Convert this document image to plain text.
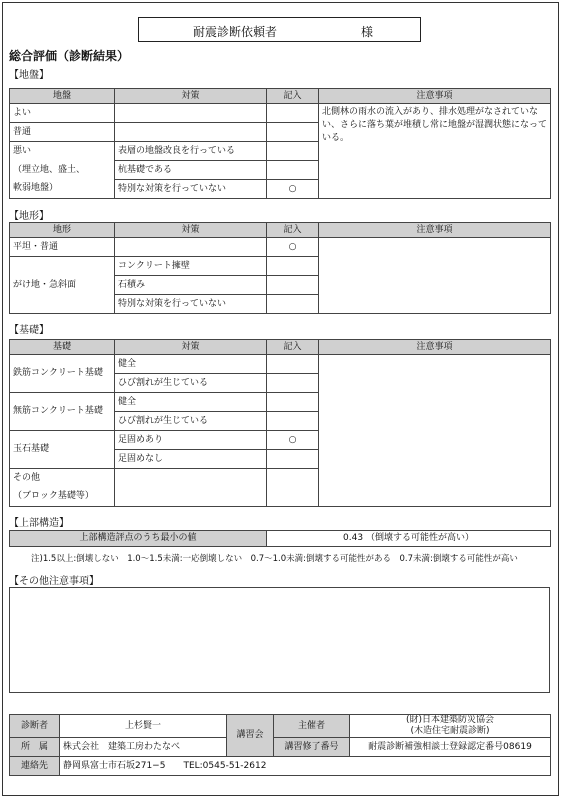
耐震診断依頼者	様
総合評価（診断結果）
【地盤】
地盤	対策	記入	注意事項
よい			北側林の雨水の流入があり、排水処理がなされていない、さらに落ち葉が堆積し常に地盤が湿潤状態になっている。
普通			
悪い	表層の地盤改良を行っている		
（埋立地、盛土、	杭基礎である		
軟弱地盤）	特別な対策を行っていない	○	
【地形】
地形	対策	記入	注意事項
平坦・普通		○	
がけ地・急斜面	コンクリート擁壁		
	石積み		
	特別な対策を行っていない		
【基礎】
基礎	対策	記入	注意事項
鉄筋コンクリート基礎	健全		
	ひび割れが生じている		
無筋コンクリート基礎	健全		
	ひび割れが生じている		
玉石基礎	足固めあり	○	
	足固めなし		
その他			
（ブロック基礎等）			
【上部構造】
上部構造評点のうち最小の値	0.43 （倒壊する可能性が高い）
注)1.5以上:倒壊しない　1.0〜1.5未満:一応倒壊しない　0.7〜1.0未満:倒壊する可能性がある　0.7未満:倒壊する可能性が高い
【その他注意事項】
診断者	上杉賢一	講習会	主催者	(財)日本建築防災協会
(木造住宅耐震診断)

所　属	株式会社　建築工房わたなべ		講習修了番号	耐震診断補強相談士登録認定番号08619
連絡先	静岡県富士市石坂271−5　　TEL:0545-51-2612			
